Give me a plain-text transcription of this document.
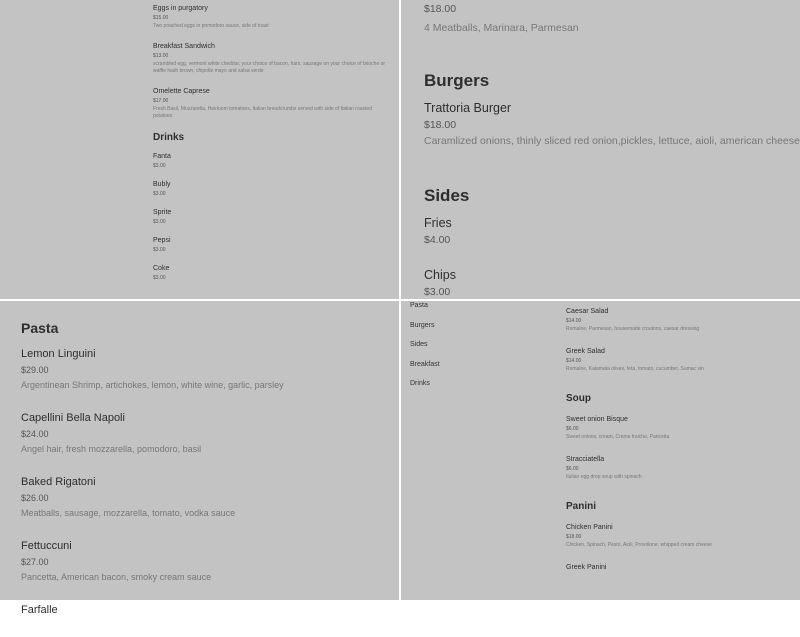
Eggs in purgatory

$15.00

Two poached eggs in pomodoro sauce, side of toast

Breakfast Sandwich

$13.00

scrambled egg, vermont white cheddar, your choice of bacon, ham, sausage on your choice of brioche or waffle hash brown, chipotle mayo and salsa verde

Omelette Caprese

$17.00

Fresh Basil, Mozzarella, Heirloom tomatoes, Italian breadcrumbs served with side of Italian roasted potatoes

Drinks

Fanta

$3.00

Bubly

$3.00

Sprite

$3.00

Pepsi

$3.00

Coke

$3.00

$18.00

4 Meatballs, Marinara, Parmesan

Burgers

Trattoria Burger

$18.00

Caramlized onions, thinly sliced red onion,pickles, lettuce, aioli, american cheese

Sides

Fries

$4.00

Chips

$3.00

Pasta

Lemon Linguini

$29.00

Argentinean Shrimp, artichokes, lemon, white wine, garlic, parsley

Capellini Bella Napoli

$24.00

Angel hair, fresh mozzarella, pomodoro, basil

Baked Rigatoni

$26.00

Meatballs, sausage, mozzarella, tomato, vodka sauce

Fettuccuni

$27.00

Pancetta, American bacon, smoky cream sauce

Farfalle

Pasta
Burgers
Sides
Breakfast
Drinks

Caesar Salad

$14.00

Romaine, Parmesan, housemade croutons, caesar dressing

Greek Salad

$14.00

Romaine, Kalamata olives, feta, tomato, cucumber, Sumac vin

Soup

Sweet onion Bisque

$6.00

Sweet onions, cream, Creme fraiche, Pancetta

Stracciatella

$6.00

Italian egg drop soup with spinach

Panini

Chicken Panini

$18.00

Chicken, Spinach, Pesto, Aioli, Provolone, whipped cream cheese

Greek Panini
